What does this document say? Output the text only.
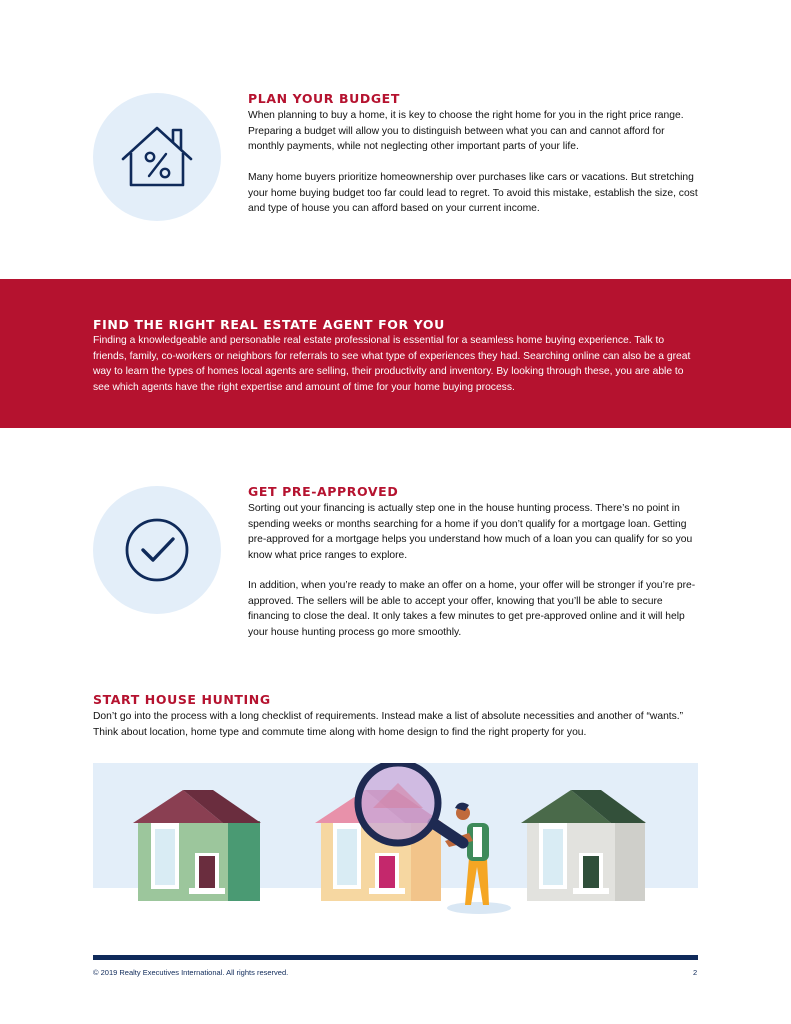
PLAN YOUR BUDGET

When planning to buy a home, it is key to choose the right home for you in the right price range. Preparing a budget will allow you to distinguish between what you can and cannot afford for monthly payments, while not neglecting other important parts of your life.

Many home buyers prioritize homeownership over purchases like cars or vacations. But stretching your home buying budget too far could lead to regret. To avoid this mistake, establish the size, cost and type of house you can afford based on your current income.

FIND THE RIGHT REAL ESTATE AGENT FOR YOU

Finding a knowledgeable and personable real estate professional is essential for a seamless home buying experience. Talk to friends, family, co-workers or neighbors for referrals to see what type of experiences they had. Searching online can also be a great way to learn the types of homes local agents are selling, their productivity and inventory. By looking through these, you are able to see which agents have the right expertise and amount of time for your home buying process.

GET PRE-APPROVED

Sorting out your financing is actually step one in the house hunting process. There’s no point in spending weeks or months searching for a home if you don’t qualify for a mortgage loan. Getting pre-approved for a mortgage helps you understand how much of a loan you can qualify for so you know what price ranges to explore.

In addition, when you’re ready to make an offer on a home, your offer will be stronger if you’re pre-approved. The sellers will be able to accept your offer, knowing that you’ll be able to secure financing to close the deal. It only takes a few minutes to get pre-approved online and it will help your house hunting process go more smoothly.

START HOUSE HUNTING

Don’t go into the process with a long checklist of requirements. Instead make a list of absolute necessities and another of “wants.” Think about location, home type and commute time along with home design to find the right property for you.

© 2019 Realty Executives International. All rights reserved.	2
